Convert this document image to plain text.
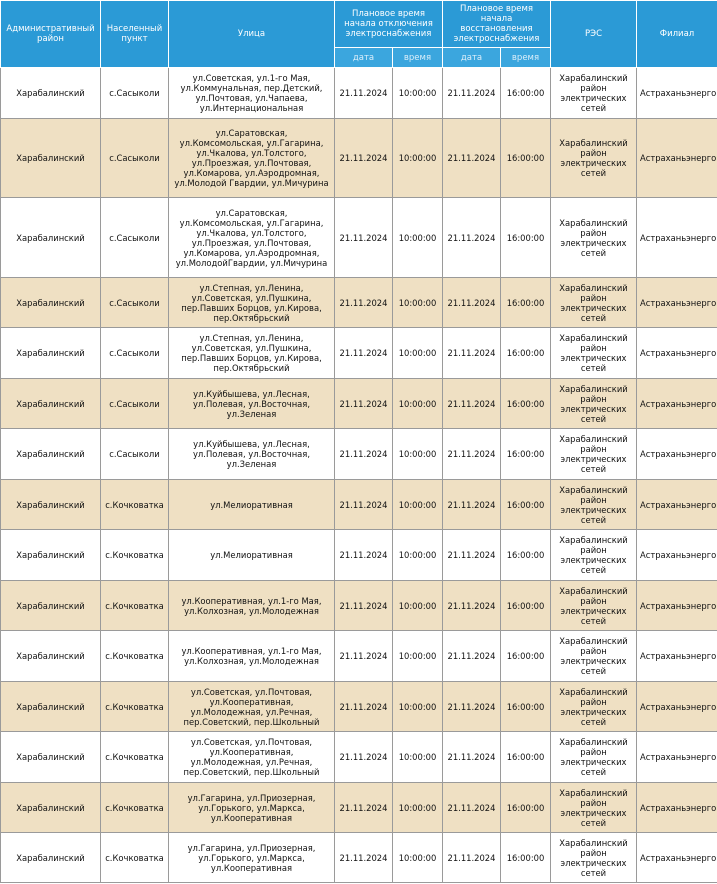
Административный район	Населенный пункт	Улица	Плановое время начала отключения электроснабжения		Плановое время начала восстановления электроснабжения		РЭС	Филиал
			дата	время	дата	время		
Харабалинский	с.Сасыколи	ул.Советская, ул.1-го Мая, ул.Коммунальная, пер.Детский, ул.Почтовая, ул.Чапаева, ул.Интернациональная	21.11.2024	10:00:00	21.11.2024	16:00:00	Харабалинский район электрических сетей	Астраханьэнерго
Харабалинский	с.Сасыколи	ул.Саратовская, ул.Комсомольская, ул.Гагарина, ул.Чкалова, ул.Толстого, ул.Проезжая, ул.Почтовая, ул.Комарова, ул.Аэродромная, ул.Молодой Гвардии, ул.Мичурина	21.11.2024	10:00:00	21.11.2024	16:00:00	Харабалинский район электрических сетей	Астраханьэнерго
Харабалинский	с.Сасыколи	ул.Саратовская, ул.Комсомольская, ул.Гагарина, ул.Чкалова, ул.Толстого, ул.Проезжая, ул.Почтовая, ул.Комарова, ул.Аэродромная, ул.МолодойГвардии, ул.Мичурина	21.11.2024	10:00:00	21.11.2024	16:00:00	Харабалинский район электрических сетей	Астраханьэнерго
Харабалинский	с.Сасыколи	ул.Степная, ул.Ленина, ул.Советская, ул.Пушкина, пер.Павших Борцов, ул.Кирова, пер.Октябрьский	21.11.2024	10:00:00	21.11.2024	16:00:00	Харабалинский район электрических сетей	Астраханьэнерго
Харабалинский	с.Сасыколи	ул.Степная, ул.Ленина, ул.Советская, ул.Пушкина, пер.Павших Борцов, ул.Кирова, пер.Октябрьский	21.11.2024	10:00:00	21.11.2024	16:00:00	Харабалинский район электрических сетей	Астраханьэнерго
Харабалинский	с.Сасыколи	ул.Куйбышева, ул.Лесная, ул.Полевая, ул.Восточная, ул.Зеленая	21.11.2024	10:00:00	21.11.2024	16:00:00	Харабалинский район электрических сетей	Астраханьэнерго
Харабалинский	с.Сасыколи	ул.Куйбышева, ул.Лесная, ул.Полевая, ул.Восточная, ул.Зеленая	21.11.2024	10:00:00	21.11.2024	16:00:00	Харабалинский район электрических сетей	Астраханьэнерго
Харабалинский	с.Кочковатка	ул.Мелиоративная	21.11.2024	10:00:00	21.11.2024	16:00:00	Харабалинский район электрических сетей	Астраханьэнерго
Харабалинский	с.Кочковатка	ул.Мелиоративная	21.11.2024	10:00:00	21.11.2024	16:00:00	Харабалинский район электрических сетей	Астраханьэнерго
Харабалинский	с.Кочковатка	ул.Кооперативная, ул.1-го Мая, ул.Колхозная, ул.Молодежная	21.11.2024	10:00:00	21.11.2024	16:00:00	Харабалинский район электрических сетей	Астраханьэнерго
Харабалинский	с.Кочковатка	ул.Кооперативная, ул.1-го Мая, ул.Колхозная, ул.Молодежная	21.11.2024	10:00:00	21.11.2024	16:00:00	Харабалинский район электрических сетей	Астраханьэнерго
Харабалинский	с.Кочковатка	ул.Советская, ул.Почтовая, ул.Кооперативная, ул.Молодежная, ул.Речная, пер.Советский, пер.Школьный	21.11.2024	10:00:00	21.11.2024	16:00:00	Харабалинский район электрических сетей	Астраханьэнерго
Харабалинский	с.Кочковатка	ул.Советская, ул.Почтовая, ул.Кооперативная, ул.Молодежная, ул.Речная, пер.Советский, пер.Школьный	21.11.2024	10:00:00	21.11.2024	16:00:00	Харабалинский район электрических сетей	Астраханьэнерго
Харабалинский	с.Кочковатка	ул.Гагарина, ул.Приозерная, ул.Горького, ул.Маркса, ул.Кооперативная	21.11.2024	10:00:00	21.11.2024	16:00:00	Харабалинский район электрических сетей	Астраханьэнерго
Харабалинский	с.Кочковатка	ул.Гагарина, ул.Приозерная, ул.Горького, ул.Маркса, ул.Кооперативная	21.11.2024	10:00:00	21.11.2024	16:00:00	Харабалинский район электрических сетей	Астраханьэнерго
